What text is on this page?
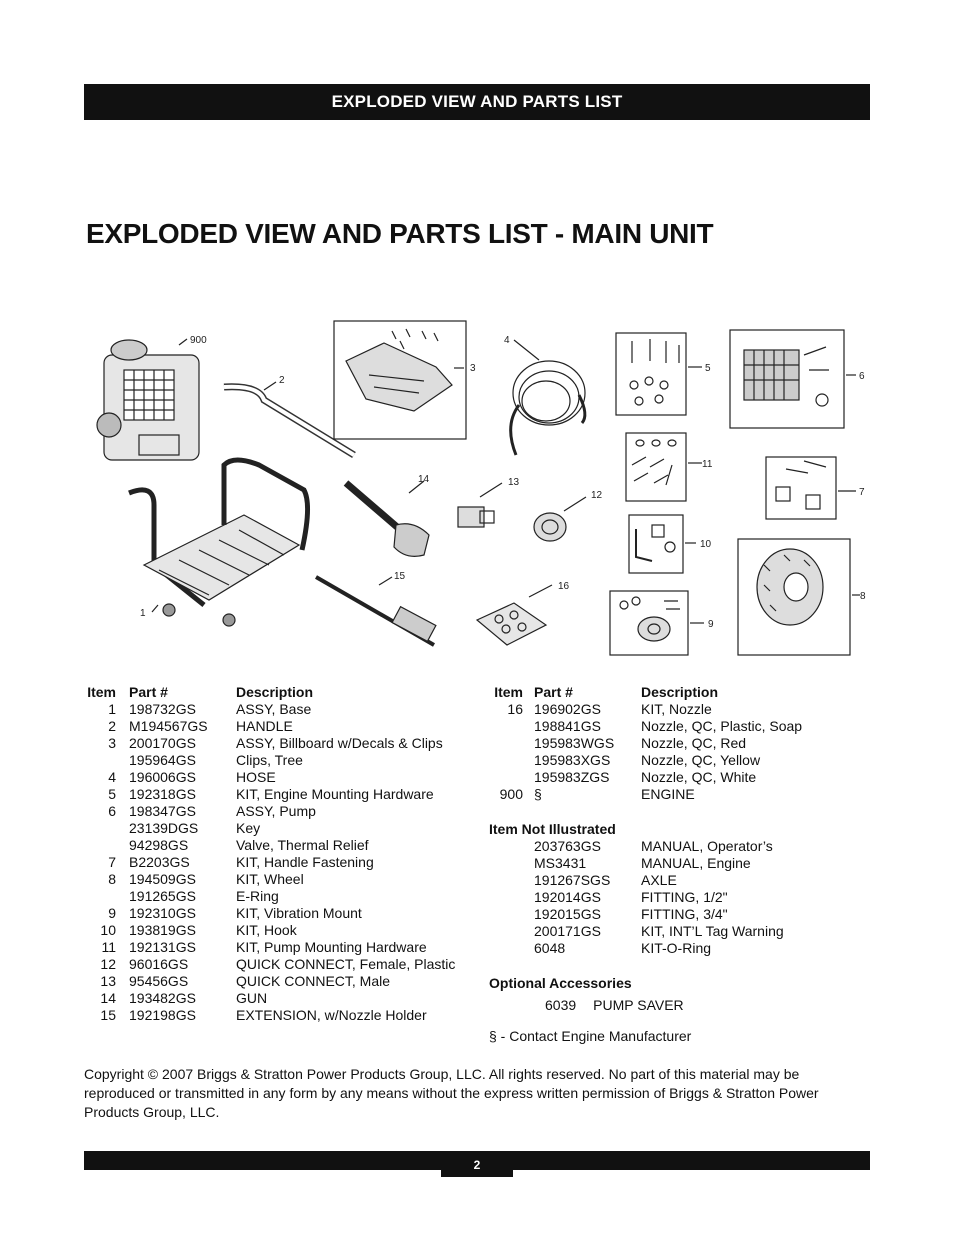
EXPLODED VIEW AND PARTS LIST
EXPLODED VIEW AND PARTS LIST - MAIN UNIT
900
2
3
4
5
6
11
7
14	13
12
10
15
16
9
8
1
Item Part #	Description
1 198732GS	ASSY, Base
2 M194567GS	HANDLE
3 200170GS	ASSY, Billboard w/Decals & Clips
195964GS	Clips, Tree
4 196006GS	HOSE
5 192318GS	KIT, Engine Mounting Hardware
6 198347GS	ASSY, Pump
23139DGS	Key
94298GS	Valve, Thermal Relief
7 B2203GS	KIT, Handle Fastening
8 194509GS	KIT, Wheel
191265GS	E-Ring
9 192310GS	KIT, Vibration Mount
10 193819GS	KIT, Hook
11 192131GS	KIT, Pump Mounting Hardware
12 96016GS	QUICK CONNECT, Female, Plastic
13 95456GS	QUICK CONNECT, Male
14 193482GS	GUN
15 192198GS	EXTENSION, w/Nozzle Holder
Item Part #	Description
16 196902GS	KIT, Nozzle
198841GS	Nozzle, QC, Plastic, Soap
195983WGS	Nozzle, QC, Red
195983XGS	Nozzle, QC, Yellow
195983ZGS	Nozzle, QC, White
900 §	ENGINE
Item Not Illustrated
203763GS	MANUAL, Operator’s
MS3431	MANUAL, Engine
191267SGS	AXLE
192014GS	FITTING, 1/2"
192015GS	FITTING, 3/4"
200171GS	KIT, INT’L Tag Warning
6048	KIT-O-Ring
Optional Accessories
6039 PUMP SAVER
§ - Contact Engine Manufacturer
Copyright © 2007 Briggs & Stratton Power Products Group, LLC. All rights reserved. No part of this material may be reproduced or transmitted in any form by any means without the express written permission of Briggs & Stratton Power Products Group, LLC.
2
